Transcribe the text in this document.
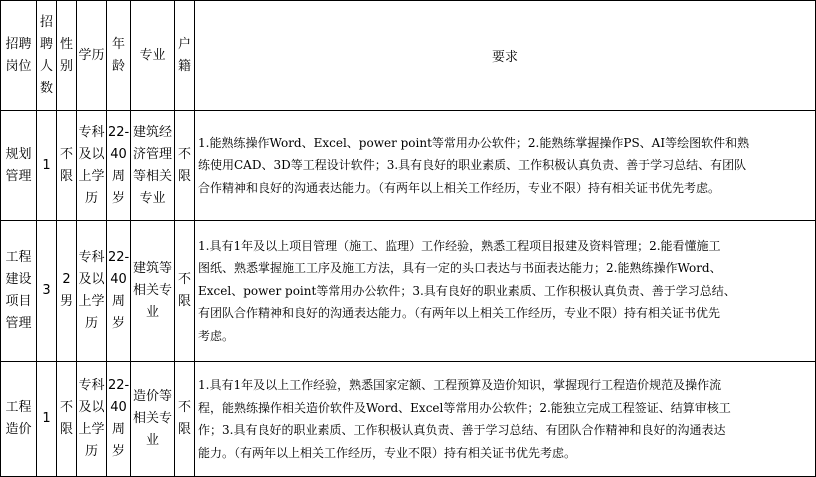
招聘
岗位	招
聘
人
数	性
别	学历	年
龄	专业	户
籍	要求
规划
管理	1	不
限	专科
及以
上学
历	22-
40
周
岁	建筑经
济管理
等相关
专业	不
限	1.能熟练操作Word、Excel、power point等常用办公软件；2.能熟练掌握操作PS、AI等绘图软件和熟
练使用CAD、3D等工程设计软件；3.具有良好的职业素质、工作积极认真负责、善于学习总结、有团队
合作精神和良好的沟通表达能力。（有两年以上相关工作经历，专业不限）持有相关证书优先考虑。
工程
建设
项目
管理	3	2
男	专科
及以
上学
历	22-
40
周
岁	建筑等
相关专
业	不
限	1.具有1年及以上项目管理（施工、监理）工作经验，熟悉工程项目报建及资料管理；2.能看懂施工
图纸、熟悉掌握施工工序及施工方法，具有一定的头口表达与书面表达能力；2.能熟练操作Word、
Excel、power point等常用办公软件；3.具有良好的职业素质、工作积极认真负责、善于学习总结、
有团队合作精神和良好的沟通表达能力。（有两年以上相关工作经历，专业不限）持有相关证书优先
考虑。
工程
造价	1	不
限	专科
及以
上学
历	22-
40
周
岁	造价等
相关专
业	不
限	1.具有1年及以上工作经验，熟悉国家定额、工程预算及造价知识，掌握现行工程造价规范及操作流
程，能熟练操作相关造价软件及Word、Excel等常用办公软件；2.能独立完成工程签证、结算审核工
作；3.具有良好的职业素质、工作积极认真负责、善于学习总结、有团队合作精神和良好的沟通表达
能力。（有两年以上相关工作经历，专业不限）持有相关证书优先考虑。
